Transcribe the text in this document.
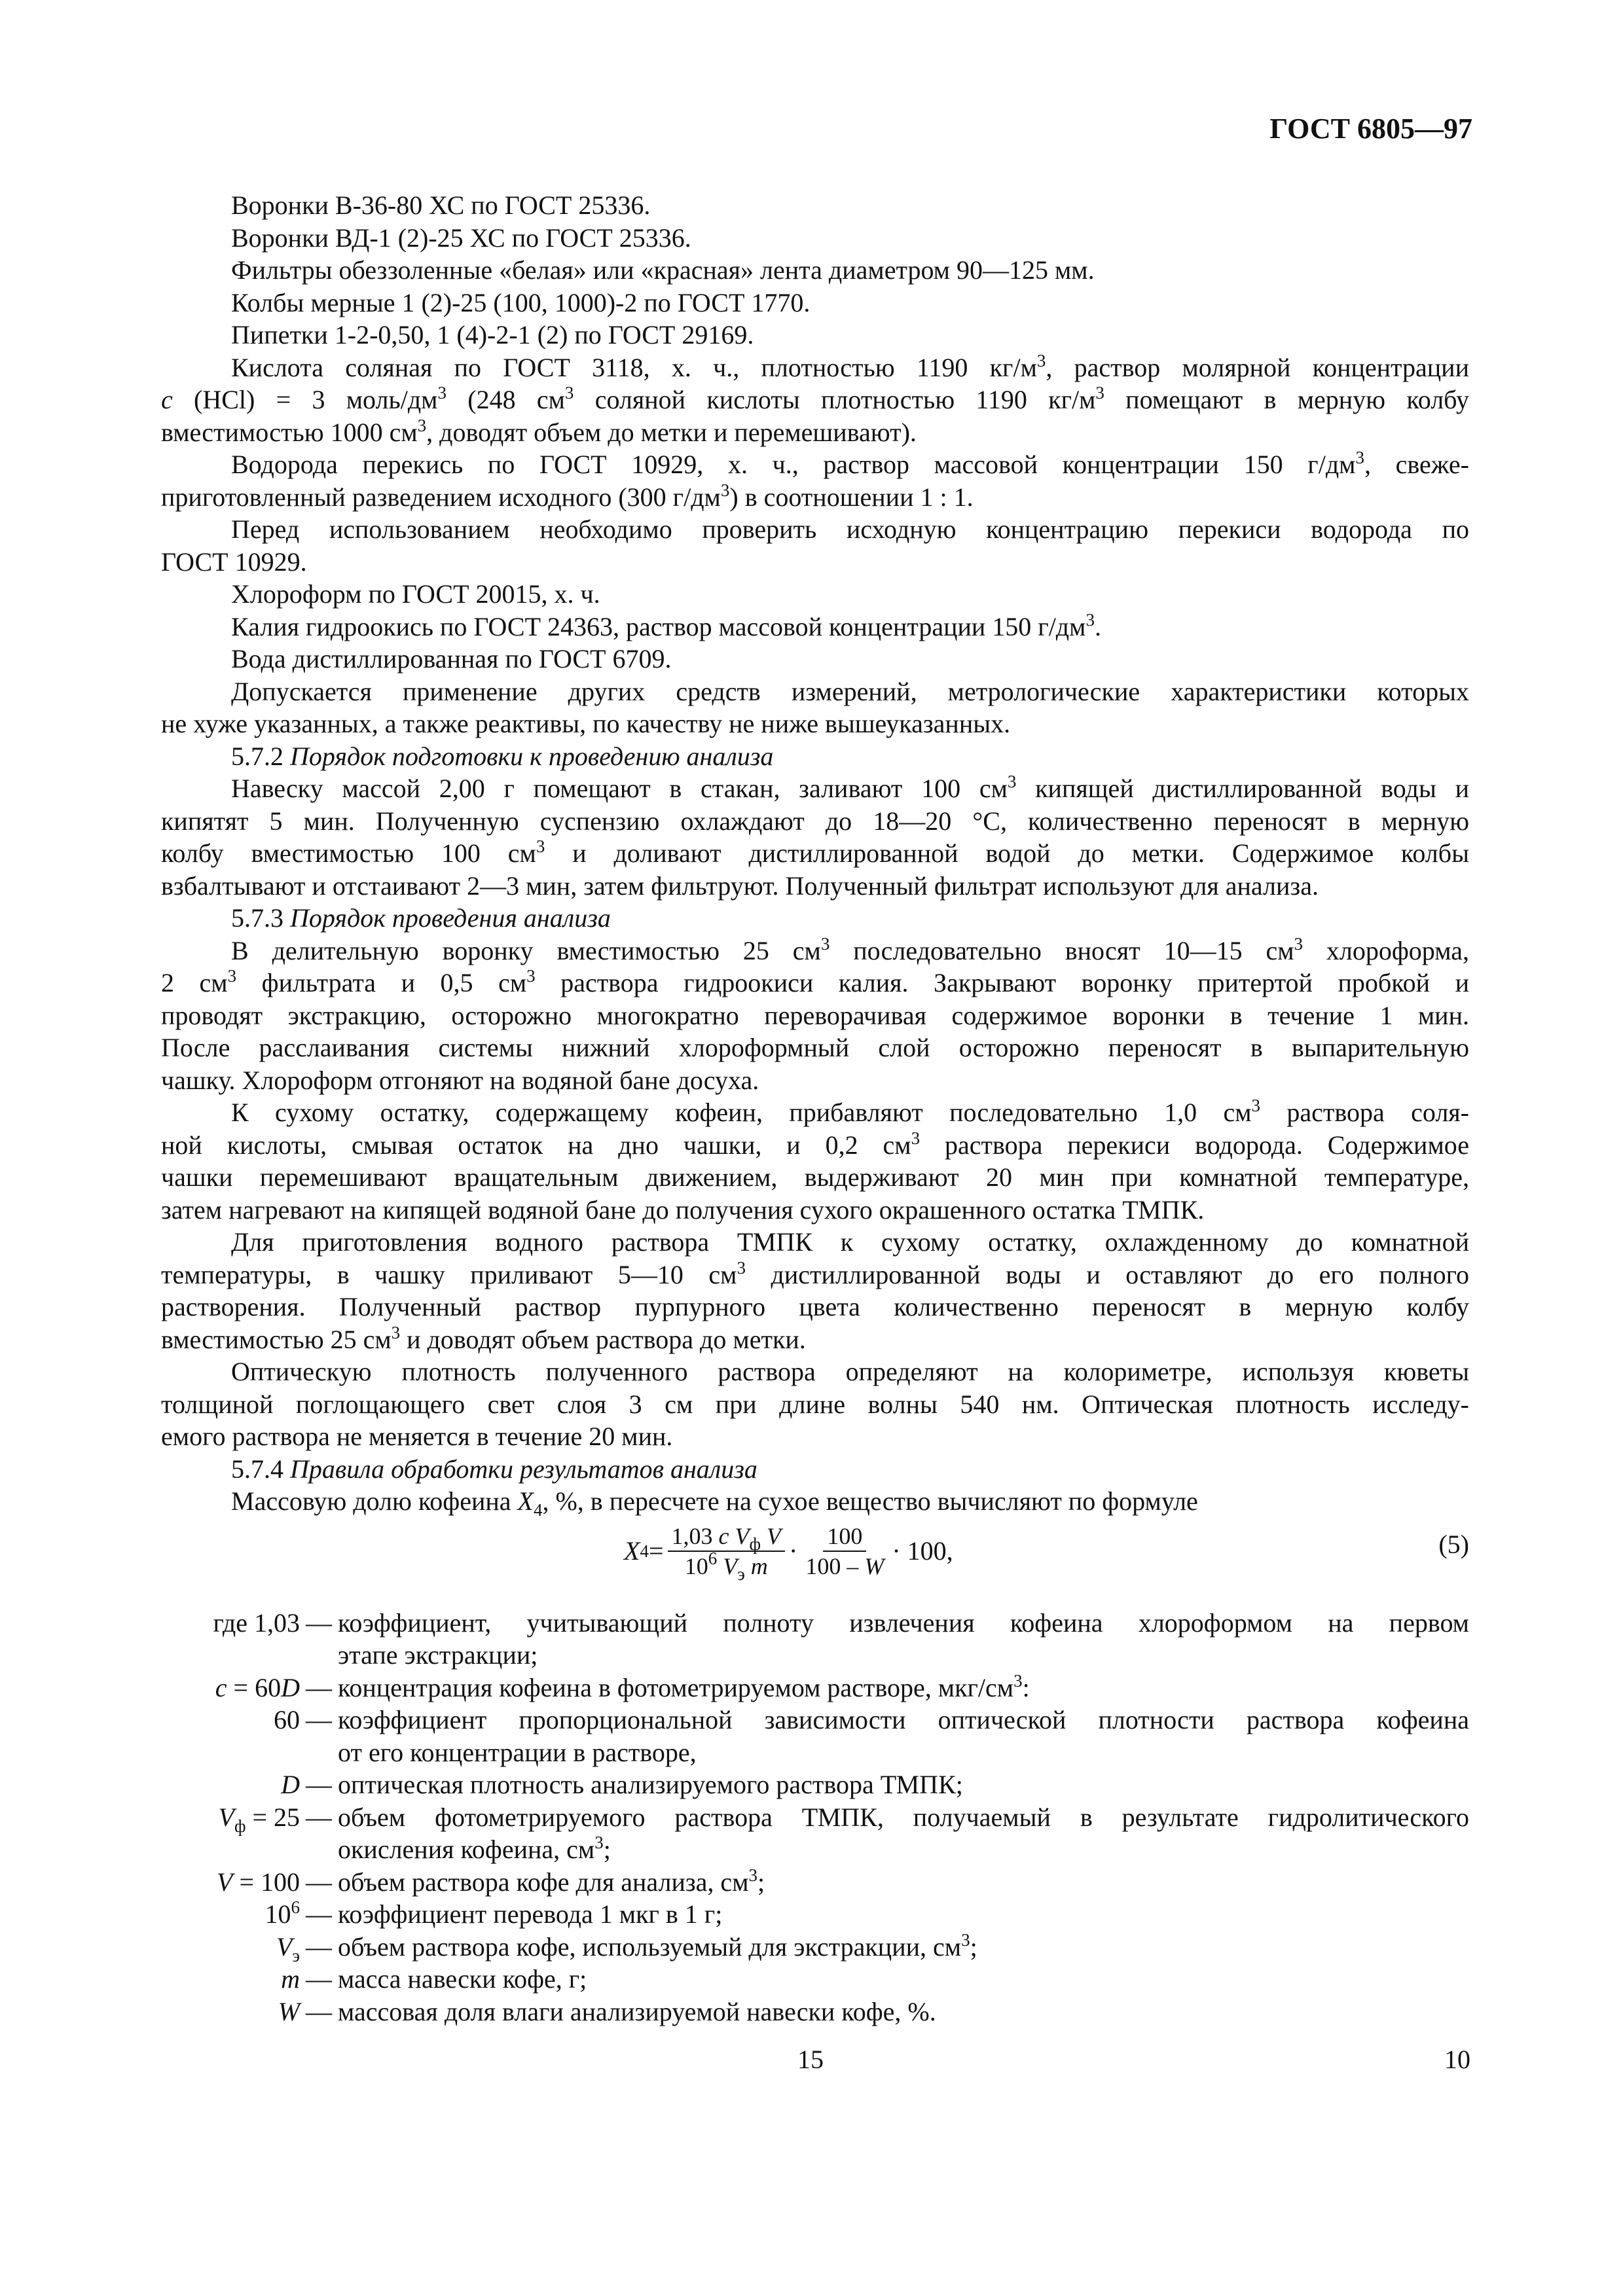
ГОСТ 6805—97
Воронки В-36-80 ХС по ГОСТ 25336.
Воронки ВД-1 (2)-25 ХС по ГОСТ 25336.
Фильтры обеззоленные «белая» или «красная» лента диаметром 90—125 мм.
Колбы мерные 1 (2)-25 (100, 1000)-2 по ГОСТ 1770.
Пипетки 1-2-0,50, 1 (4)-2-1 (2) по ГОСТ 29169.
Кислота соляная по ГОСТ 3118, х. ч., плотностью 1190 $кг/м^3$, раствор молярной концентрации
c (HCl) = 3 моль/$дм^3$ (248 $см^3$ соляной кислоты плотностью 1190 $кг/м^3$ помещают в мерную колбу
вместимостью 1000 $см^3$, доводят объем до метки и перемешивают).
Водорода перекись по ГОСТ 10929, х. ч., раствор массовой концентрации 150 $г/дм^3$, свеже-
приготовленный разведением исходного (300 $г/дм^3$) в соотношении 1 : 1.
Перед использованием необходимо проверить исходную концентрацию перекиси водорода по
ГОСТ 10929.
Хлороформ по ГОСТ 20015, х. ч.
Калия гидроокись по ГОСТ 24363, раствор массовой концентрации 150 $г/дм^3$.
Вода дистиллированная по ГОСТ 6709.
Допускается применение других средств измерений, метрологические характеристики которых
не хуже указанных, а также реактивы, по качеству не ниже вышеуказанных.
5.7.2 Порядок подготовки к проведению анализа
Навеску массой 2,00 г помещают в стакан, заливают 100 $см^3$ кипящей дистиллированной воды и
кипятят 5 мин. Полученную суспензию охлаждают до 18—20 °С, количественно переносят в мерную
колбу вместимостью 100 $см^3$ и доливают дистиллированной водой до метки. Содержимое колбы
взбалтывают и отстаивают 2—3 мин, затем фильтруют. Полученный фильтрат используют для анализа.
5.7.3 Порядок проведения анализа
В делительную воронку вместимостью 25 $см^3$ последовательно вносят 10—15 $см^3$ хлороформа,
2 $см^3$ фильтрата и 0,5 $см^3$ раствора гидроокиси калия. Закрывают воронку притертой пробкой и
проводят экстракцию, осторожно многократно переворачивая содержимое воронки в течение 1 мин.
После расслаивания системы нижний хлороформный слой осторожно переносят в выпарительную
чашку. Хлороформ отгоняют на водяной бане досуха.
К сухому остатку, содержащему кофеин, прибавляют последовательно 1,0 $см^3$ раствора соля-
ной кислоты, смывая остаток на дно чашки, и 0,2 $см^3$ раствора перекиси водорода. Содержимое
чашки перемешивают вращательным движением, выдерживают 20 мин при комнатной температуре,
затем нагревают на кипящей водяной бане до получения сухого окрашенного остатка ТМПК.
Для приготовления водного раствора ТМПК к сухому остатку, охлажденному до комнатной
температуры, в чашку приливают 5—10 $см^3$ дистиллированной воды и оставляют до его полного
растворения. Полученный раствор пурпурного цвета количественно переносят в мерную колбу
вместимостью 25 $см^3$ и доводят объем раствора до метки.
Оптическую плотность полученного раствора определяют на колориметре, используя кюветы
толщиной поглощающего свет слоя 3 см при длине волны 540 нм. Оптическая плотность исследу-
емого раствора не меняется в течение 20 мин.
5.7.4 Правила обработки результатов анализа
Массовую долю кофеина $X_4$, %, в пересчете на сухое вещество вычисляют по формуле
X $4 = \frac{1,03 c V_ф V}{10^6 V_э m} \cdot \frac{100}{100 - W} \cdot 100$,	(5)
где 1,03 — коэффициент, учитывающий полноту извлечения кофеина хлороформом на первом
этапе экстракции;
c = 60D — концентрация кофеина в фотометрируемом растворе, мкг/$см^3$:
60 — коэффициент пропорциональной зависимости оптической плотности раствора кофеина
от его концентрации в растворе,
D — оптическая плотность анализируемого раствора ТМПК;
$V_ф = 25$ — объем фотометрируемого раствора ТМПК, получаемый в результате гидролитического
окисления кофеина, $см^3$;
V = 100 — объем раствора кофе для анализа, $см^3$;
$10^6$ — коэффициент перевода 1 мкг в 1 г;
$V_э$ — объем раствора кофе, используемый для экстракции, $см^3$;
m — масса навески кофе, г;
W — массовая доля влаги анализируемой навески кофе, %.
15	10
